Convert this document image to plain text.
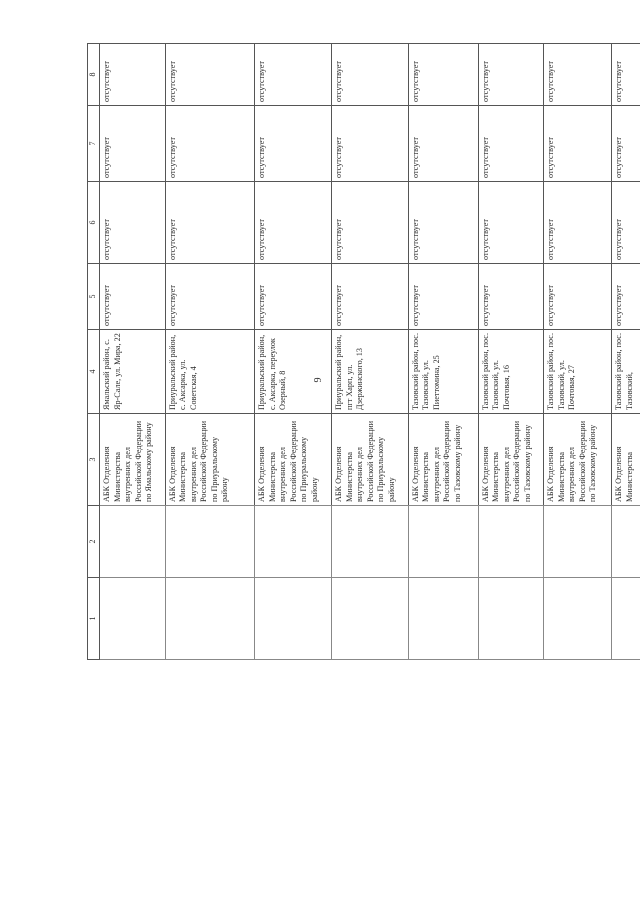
9
1	2	3	4	5	6	7	8
		АБК Отделения Министерства внутренних дел Российской Федерации по Ямальскому району	Ямальский район, с. Яр-Сале, ул. Мира, 22	отсутствует	отсутствует	отсутствует	отсутствует
		АБК Отделения Министерства внутренних дел Российской Федерации по Приуральскому району	Приуральский район, с. Аксарка, ул. Советская, 4	отсутствует	отсутствует	отсутствует	отсутствует
		АБК Отделения Министерства внутренних дел Российской Федерации по Приуральскому району	Приуральский район, с. Аксарка, переулок Озерный, 8	отсутствует	отсутствует	отсутствует	отсутствует
		АБК Отделения Министерства внутренних дел Российской Федерации по Приуральскому району	Приуральский район, пгт Харп, ул. Дзержинского, 13	отсутствует	отсутствует	отсутствует	отсутствует
		АБК Отделения Министерства внутренних дел Российской Федерации по Тазовскому району	Тазовский район, пос. Тазовский, ул. Пиеттомина, 25	отсутствует	отсутствует	отсутствует	отсутствует
		АБК Отделения Министерства внутренних дел Российской Федерации по Тазовскому району	Тазовский район, пос. Тазовский, ул. Почтовая, 16	отсутствует	отсутствует	отсутствует	отсутствует
		АБК Отделения Министерства внутренних дел Российской Федерации по Тазовскому району	Тазовский район, пос. Тазовский, ул. Почтовая, 27	отсутствует	отсутствует	отсутствует	отсутствует
		АБК Отделения Министерства	Тазовский район, пос. Тазовский,	отсутствует	отсутствует	отсутствует	отсутствует
